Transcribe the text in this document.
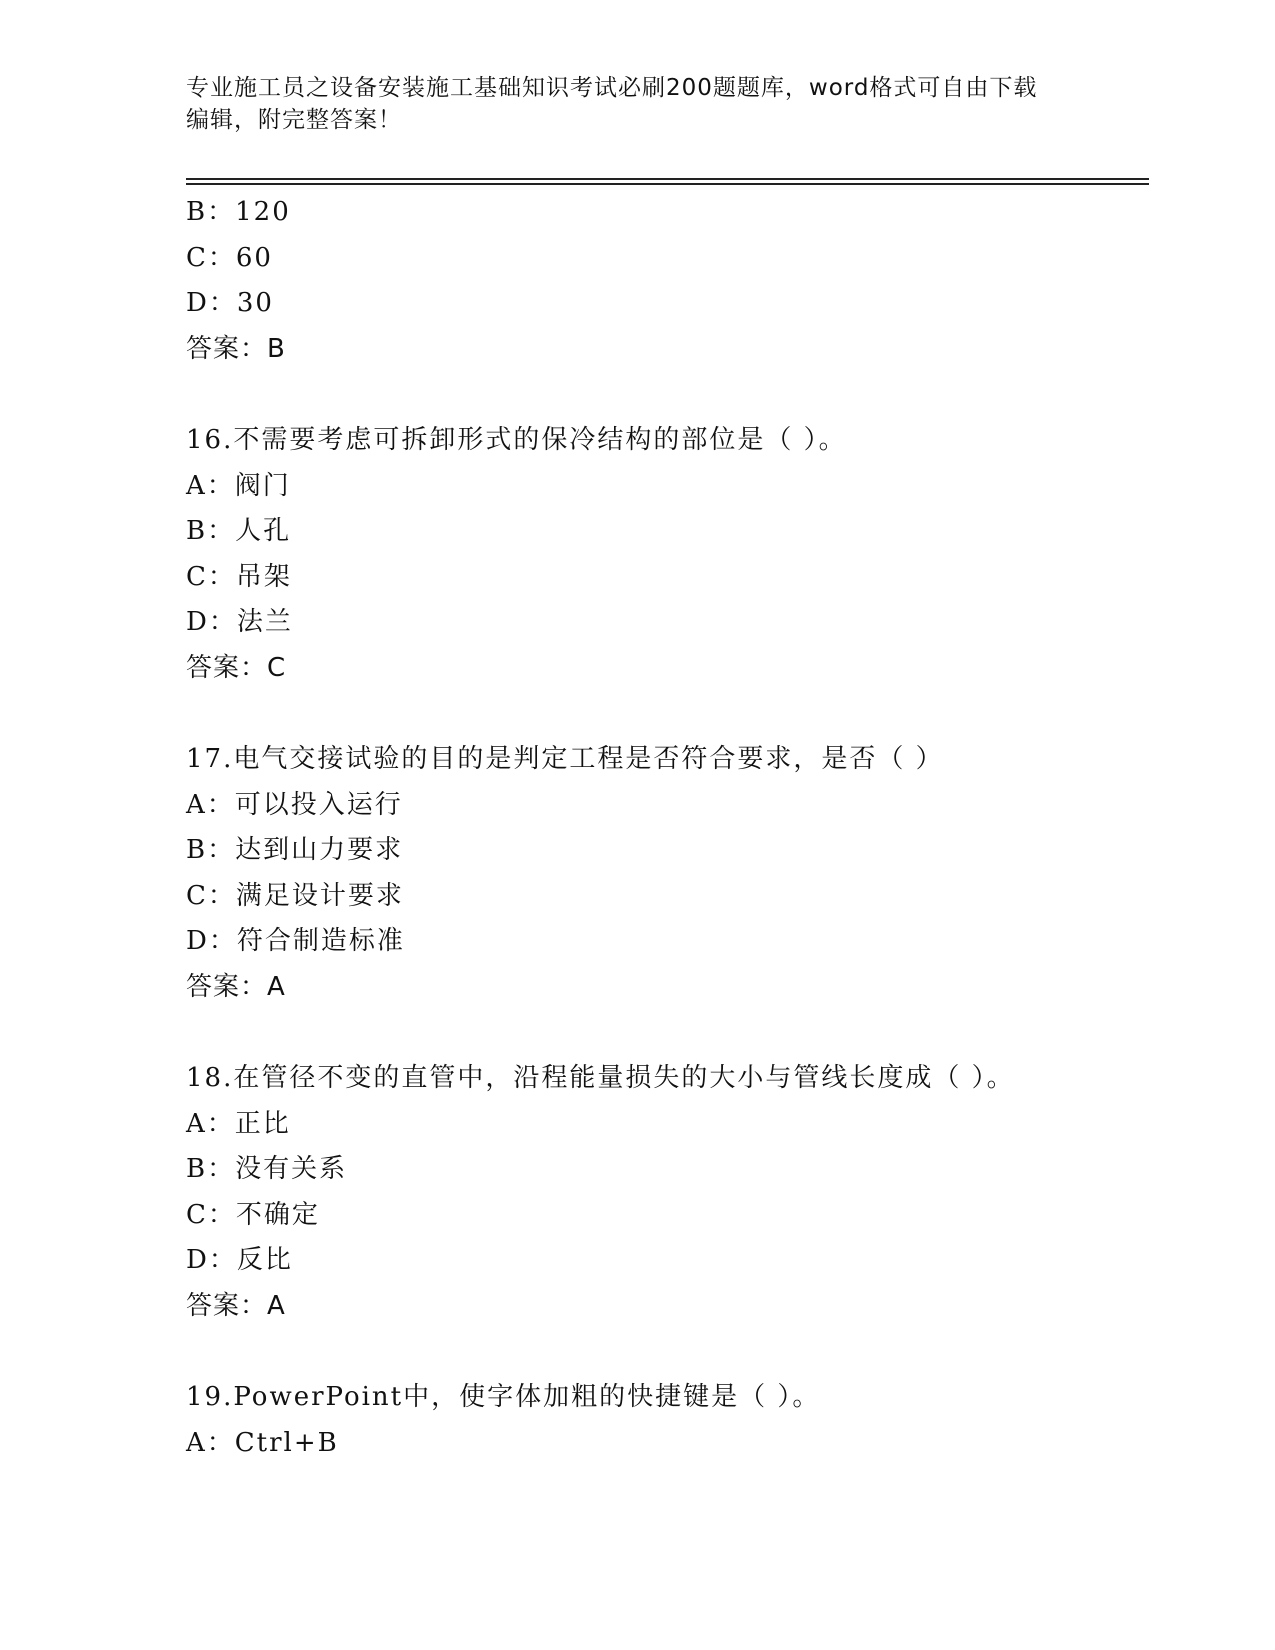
专业施工员之设备安装施工基础知识考试必刷200题题库，word格式可自由下载
编辑，附完整答案！
B：120
C：60
D：30
答案：B
16.不需要考虑可拆卸形式的保冷结构的部位是（ ）。
A：阀门
B：人孔
C：吊架
D：法兰
答案：C
17.电气交接试验的目的是判定工程是否符合要求，是否（ ）
A：可以投入运行
B：达到山力要求
C：满足设计要求
D：符合制造标准
答案：A
18.在管径不变的直管中，沿程能量损失的大小与管线长度成（ ）。
A：正比
B：没有关系
C：不确定
D：反比
答案：A
19.PowerPoint中，使字体加粗的快捷键是（ ）。
A：Ctrl+B
